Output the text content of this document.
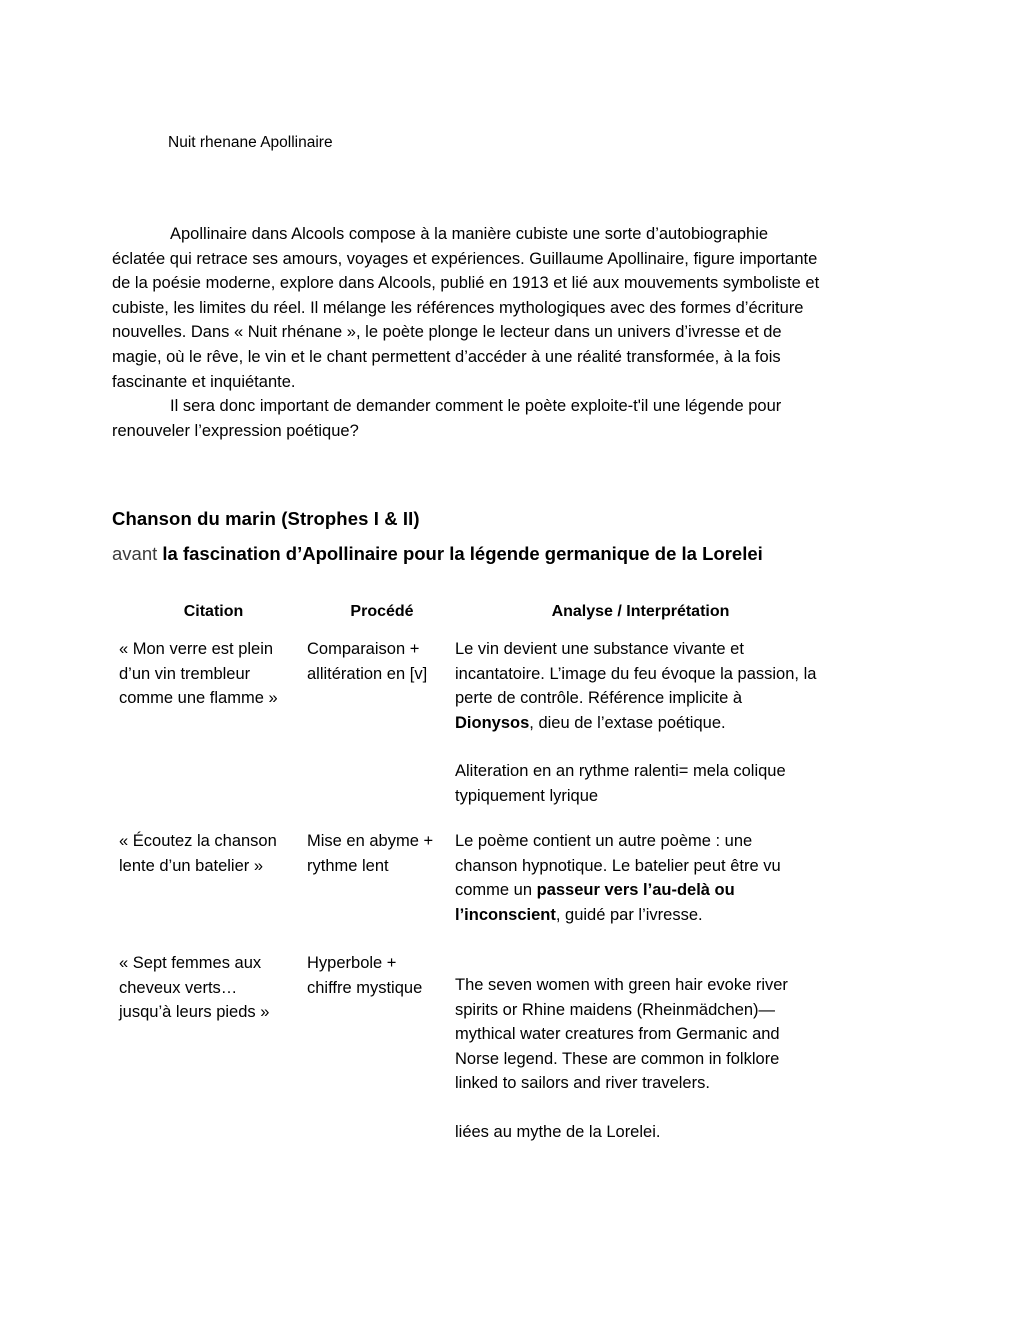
Nuit rhenane Apollinaire

Apollinaire dans Alcools compose à la manière cubiste une sorte d’autobiographie éclatée qui retrace ses amours, voyages et expériences. Guillaume Apollinaire, figure importante de la poésie moderne, explore dans Alcools, publié en 1913 et lié aux mouvements symboliste et cubiste, les limites du réel. Il mélange les références mythologiques avec des formes d’écriture nouvelles. Dans « Nuit rhénane », le poète plonge le lecteur dans un univers d’ivresse et de magie, où le rêve, le vin et le chant permettent d’accéder à une réalité transformée, à la fois fascinante et inquiétante.

Il sera donc important de demander comment le poète exploite-t'il une légende pour renouveler l’expression poétique?

Chanson du marin (Strophes I & II)
avant la fascination d’Apollinaire pour la légende germanique de la Lorelei
Citation	Procédé	Analyse / Interprétation
« Mon verre est plein d’un vin trembleur comme une flamme »	Comparaison + allitération en [v]	Le vin devient une substance vivante et incantatoire. L’image du feu évoque la passion, la perte de contrôle. Référence implicite à Dionysos, dieu de l’extase poétique.

Aliteration en an rythme ralenti= mela colique typiquement lyrique

« Écoutez la chanson lente d’un batelier »	Mise en abyme + rythme lent	Le poème contient un autre poème : une chanson hypnotique. Le batelier peut être vu comme un passeur vers l’au-delà ou l’inconscient, guidé par l’ivresse.

« Sept femmes aux cheveux verts… jusqu’à leurs pieds »	Hyperbole + chiffre mystique	The seven women with green hair evoke river spirits or Rhine maidens (Rheinmädchen)—mythical water creatures from Germanic and Norse legend. These are common in folklore linked to sailors and river travelers.

liées au mythe de la Lorelei.
